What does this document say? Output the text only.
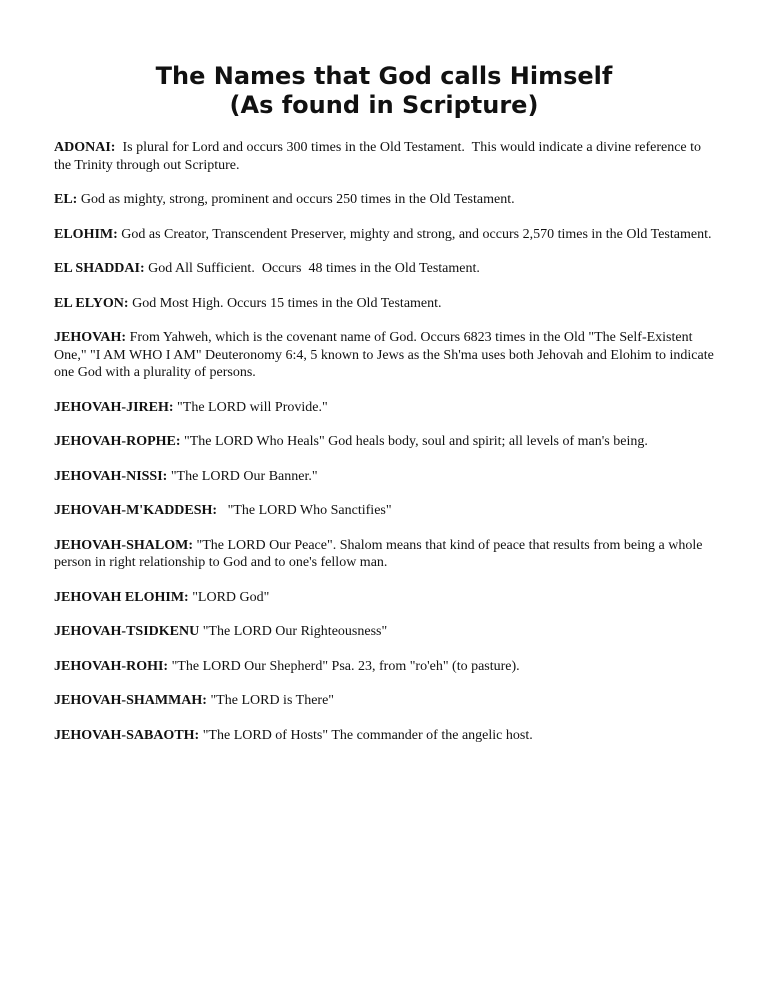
The Names that God calls Himself
(As found in Scripture)

ADONAI:  Is plural for Lord and occurs 300 times in the Old Testament.  This would indicate a divine reference to the Trinity through out Scripture.

EL: God as mighty, strong, prominent and occurs 250 times in the Old Testament.

ELOHIM: God as Creator, Transcendent Preserver, mighty and strong, and occurs 2,570 times in the Old Testament.

EL SHADDAI: God All Sufficient.  Occurs  48 times in the Old Testament.

EL ELYON: God Most High. Occurs 15 times in the Old Testament.

JEHOVAH: From Yahweh, which is the covenant name of God. Occurs 6823 times in the Old "The Self-Existent One," "I AM WHO I AM" Deuteronomy 6:4, 5 known to Jews as the Sh'ma uses both Jehovah and Elohim to indicate one God with a plurality of persons.

JEHOVAH-JIREH: "The LORD will Provide."

JEHOVAH-ROPHE: "The LORD Who Heals" God heals body, soul and spirit; all levels of man's being.

JEHOVAH-NISSI: "The LORD Our Banner."

JEHOVAH-M'KADDESH:   "The LORD Who Sanctifies"

JEHOVAH-SHALOM: "The LORD Our Peace". Shalom means that kind of peace that results from being a whole person in right relationship to God and to one's fellow man.

JEHOVAH ELOHIM: "LORD God"

JEHOVAH-TSIDKENU "The LORD Our Righteousness"

JEHOVAH-ROHI: "The LORD Our Shepherd" Psa. 23, from "ro'eh" (to pasture).

JEHOVAH-SHAMMAH: "The LORD is There"

JEHOVAH-SABAOTH: "The LORD of Hosts" The commander of the angelic host.
